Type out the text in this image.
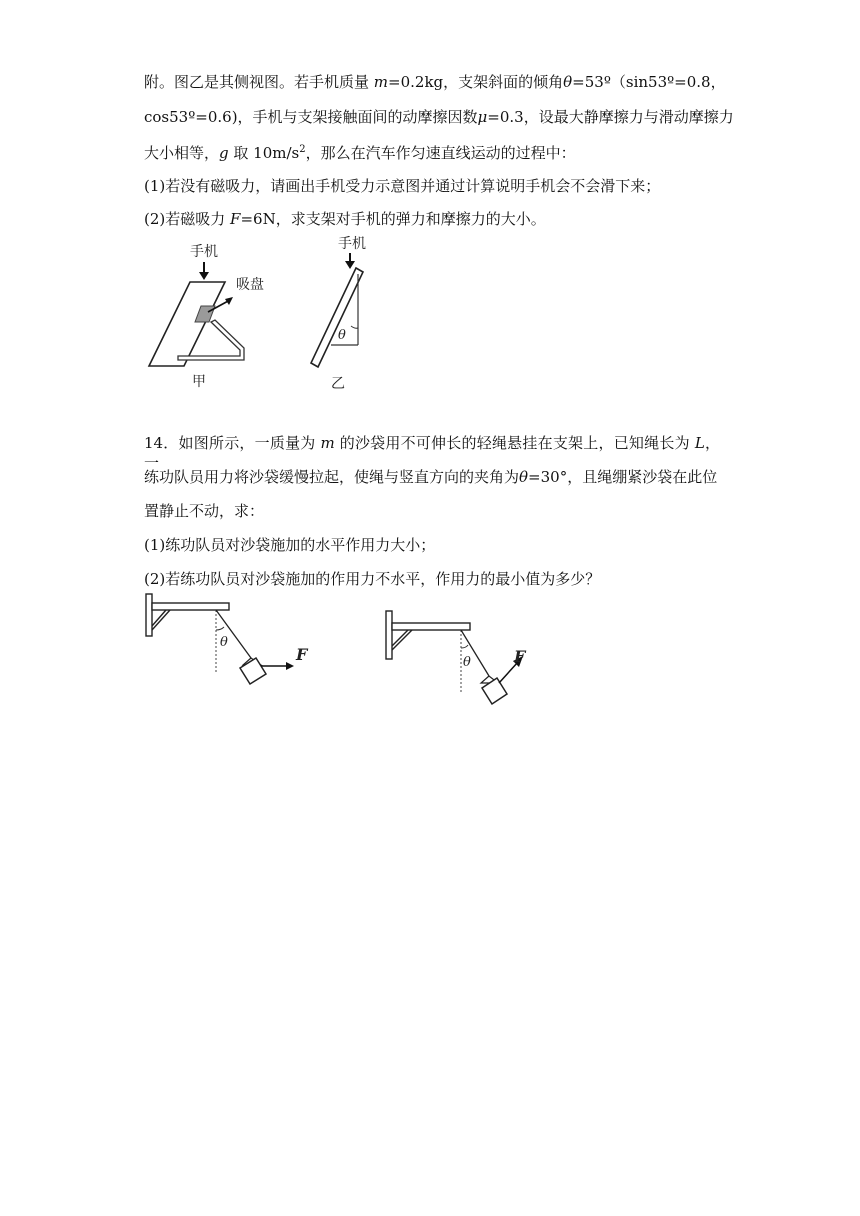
附。图乙是其侧视图。若手机质量 m=0.2kg，支架斜面的倾角θ=53º（sin53º=0.8，
cos53º=0.6)，手机与支架接触面间的动摩擦因数μ=0.3，设最大静摩擦力与滑动摩擦力
大小相等，g 取 $10m/s^2$，那么在汽车作匀速直线运动的过程中：
(1)若没有磁吸力，请画出手机受力示意图并通过计算说明手机会不会滑下来；
(2)若磁吸力 F=6N，求支架对手机的弹力和摩擦力的大小。
手机
吸盘
甲
手机
θ
乙
14．如图所示，一质量为 m 的沙袋用不可伸长的轻绳悬挂在支架上，已知绳长为 L，一
练功队员用力将沙袋缓慢拉起，使绳与竖直方向的夹角为θ=30°，且绳绷紧沙袋在此位
置静止不动，求：
(1)练功队员对沙袋施加的水平作用力大小；
(2)若练功队员对沙袋施加的作用力不水平，作用力的最小值为多少？
θ
F	θ	F
